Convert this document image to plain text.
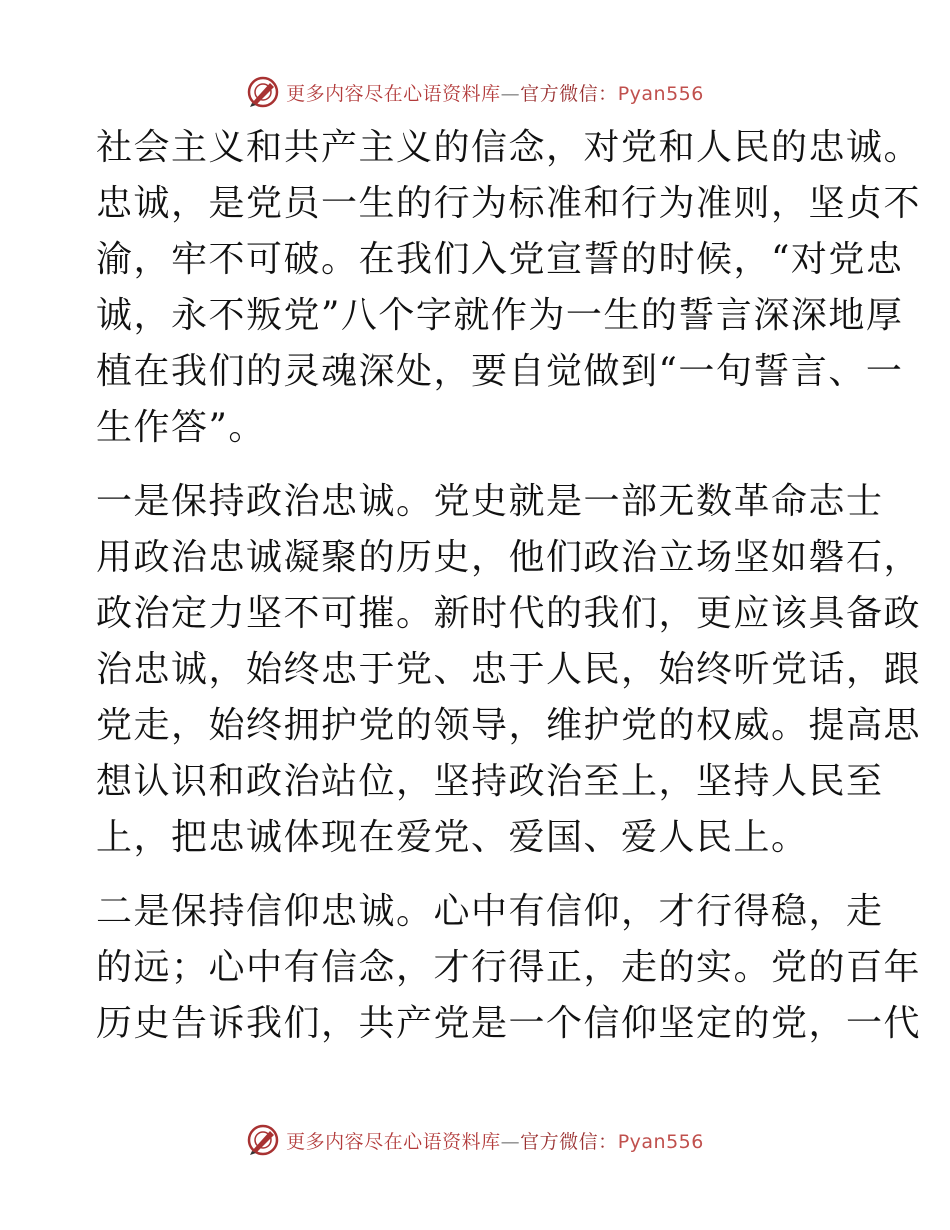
更多内容尽在心语资料库—官方微信：Pyan556

社会主义和共产主义的信念，对党和人民的忠诚。
忠诚，是党员一生的行为标准和行为准则，坚贞不
渝，牢不可破。在我们入党宣誓的时候，“对党忠
诚，永不叛党”八个字就作为一生的誓言深深地厚
植在我们的灵魂深处，要自觉做到“一句誓言、一
生作答”。

一是保持政治忠诚。党史就是一部无数革命志士
用政治忠诚凝聚的历史，他们政治立场坚如磐石，
政治定力坚不可摧。新时代的我们，更应该具备政
治忠诚，始终忠于党、忠于人民，始终听党话，跟
党走，始终拥护党的领导，维护党的权威。提高思
想认识和政治站位，坚持政治至上，坚持人民至
上，把忠诚体现在爱党、爱国、爱人民上。

二是保持信仰忠诚。心中有信仰，才行得稳，走
的远；心中有信念，才行得正，走的实。党的百年
历史告诉我们，共产党是一个信仰坚定的党，一代

更多内容尽在心语资料库—官方微信：Pyan556
